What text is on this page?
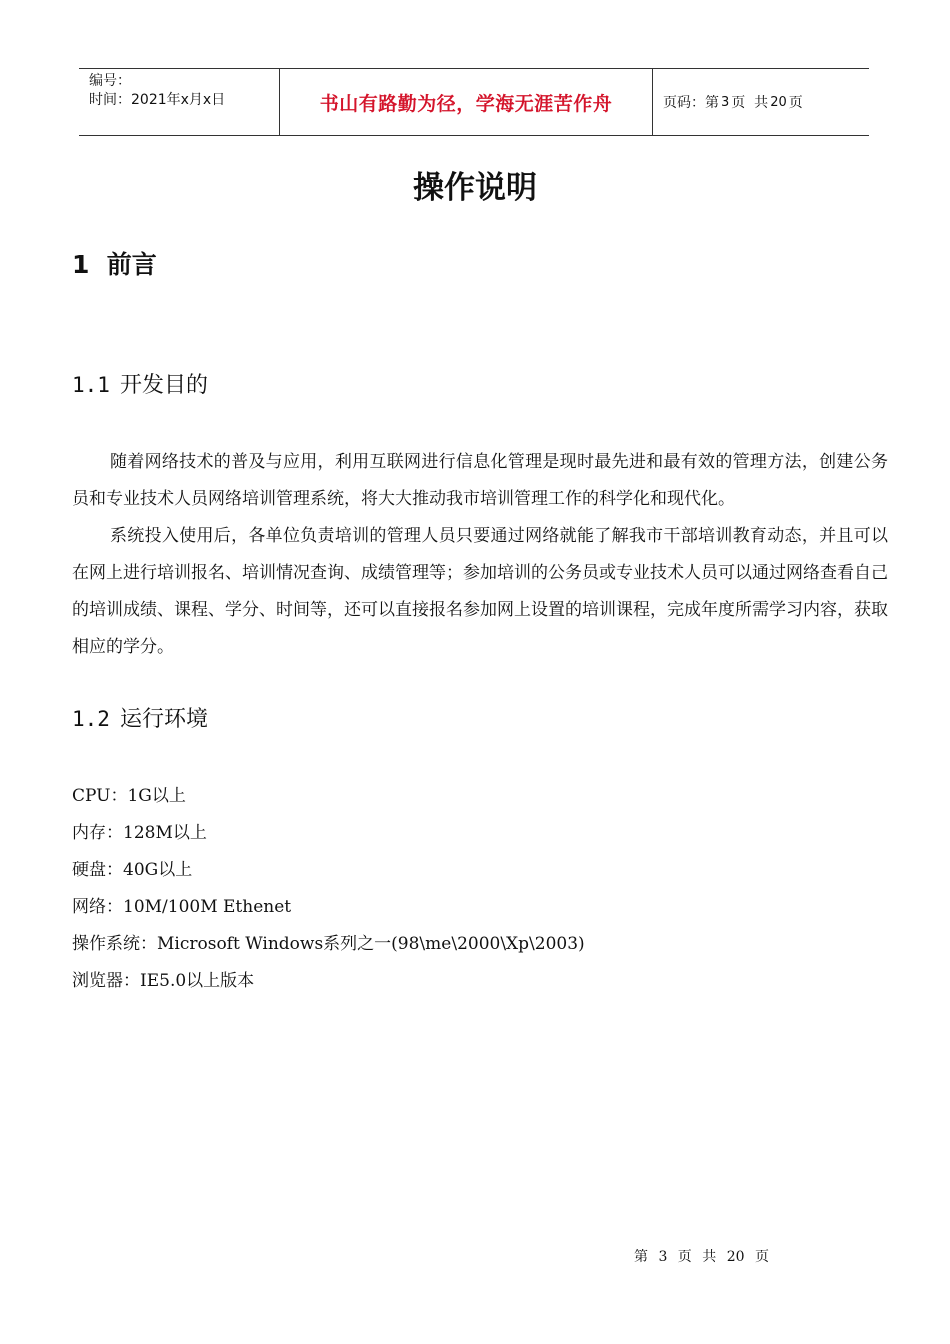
编号：
时间：2021年x月x日	书山有路勤为径，学海无涯苦作舟	页码：第 3 页  共 20 页
操作说明
1  前言
1.1 开发目的

随着网络技术的普及与应用，利用互联网进行信息化管理是现时最先进和最有效的管理方法，创建公务员和专业技术人员网络培训管理系统，将大大推动我市培训管理工作的科学化和现代化。

系统投入使用后，各单位负责培训的管理人员只要通过网络就能了解我市干部培训教育动态，并且可以在网上进行培训报名、培训情况查询、成绩管理等；参加培训的公务员或专业技术人员可以通过网络查看自己的培训成绩、课程、学分、时间等，还可以直接报名参加网上设置的培训课程，完成年度所需学习内容，获取相应的学分。

1.2 运行环境
CPU：1G以上
内存：128M以上
硬盘：40G以上
网络：10M/100M Ethenet
操作系统：Microsoft Windows系列之一(98\me\2000\Xp\2003)
浏览器：IE5.0以上版本
第 3 页 共 20 页
